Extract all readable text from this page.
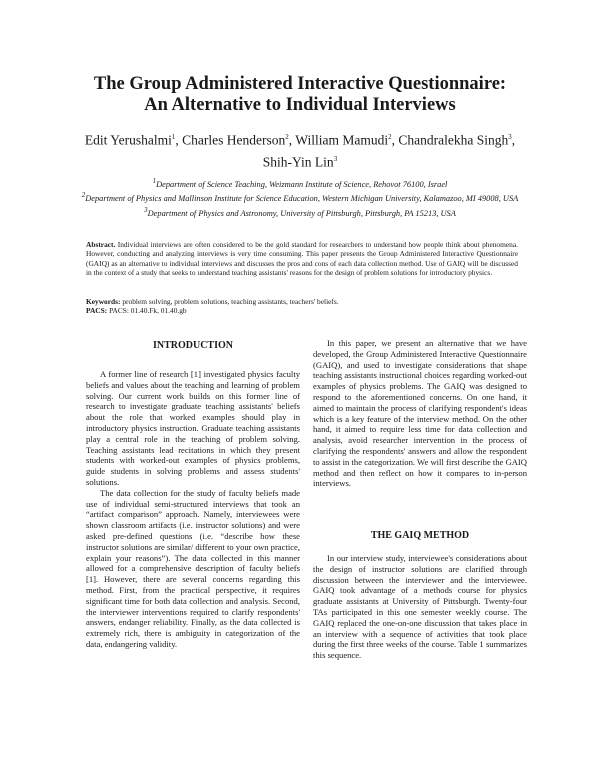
The Group Administered Interactive Questionnaire:
An Alternative to Individual Interviews
Edit Yerushalmi$^1$, Charles Henderson$^2$, William Mamudi$^2$, Chandralekha Singh$^3$,
Shih-Yin Lin$^3$

$^1$Department of Science Teaching, Weizmann Institute of Science, Rehovot 76100, Israel

$^2$Department of Physics and Mallinson Institute for Science Education, Western Michigan University, Kalamazoo, MI 49008, USA

$^3$Department of Physics and Astronomy, University of Pittsburgh, Pittsburgh, PA 15213, USA

Abstract. Individual interviews are often considered to be the gold standard for researchers to understand how people think about phenomena. However, conducting and analyzing interviews is very time consuming. This paper presents the Group Administered Interactive Questionnaire (GAIQ) as an alternative to individual interviews and discusses the pros and cons of each data collection method. Use of GAIQ will be discussed in the context of a study that seeks to understand teaching assistants' reasons for the design of problem solutions for introductory physics.
Keywords: problem solving, problem solutions, teaching assistants, teachers' beliefs.
PACS: PACS: 01.40.Fk, 01.40.gb
INTRODUCTION

A former line of research [1] investigated physics faculty beliefs and values about the teaching and learning of problem solving. Our current work builds on this former line of research to investigate graduate teaching assistants' beliefs about the role that worked examples should play in introductory physics instruction. Graduate teaching assistants play a central role in the teaching of problem solving. Teaching assistants lead recitations in which they present students with worked-out examples of physics problems, guide students in solving problems and assess students' solutions.

The data collection for the study of faculty beliefs made use of individual semi-structured interviews that took an “artifact comparison” approach. Namely, interviewees were shown classroom artifacts (i.e. instructor solutions) and were asked pre-defined questions (i.e. “describe how these instructor solutions are similar/ different to your own practice, explain your reasons”). The data collected in this manner allowed for a comprehensive description of faculty beliefs [1]. However, there are several concerns regarding this method. First, from the practical perspective, it requires significant time for both data collection and analysis. Second, the interviewer interventions required to clarify respondents' answers, endanger reliability. Finally, as the data collected is extremely rich, there is ambiguity in categorization of the data, endangering validity.

In this paper, we present an alternative that we have developed, the Group Administered Interactive Questionnaire (GAIQ), and used to investigate considerations that shape teaching assistants instructional choices regarding worked-out examples of physics problems. The GAIQ was designed to respond to the aforementioned concerns. On one hand, it aimed to maintain the process of clarifying respondent's ideas which is a key feature of the interview method. On the other hand, it aimed to require less time for data collection and analysis, avoid researcher intervention in the process of clarifying the respondents' answers and allow the respondent to assist in the categorization. We will first describe the GAIQ method and then reflect on how it compares to in-person interviews.

THE GAIQ METHOD

In our interview study, interviewee's considerations about the design of instructor solutions are clarified through discussion between the interviewer and the interviewee. GAIQ took advantage of a methods course for physics graduate assistants at University of Pittsburgh. Twenty-four TAs participated in this one semester weekly course. The GAIQ replaced the one-on-one discussion that takes place in an interview with a sequence of activities that took place during the first three weeks of the course. Table 1 summarizes this sequence.
